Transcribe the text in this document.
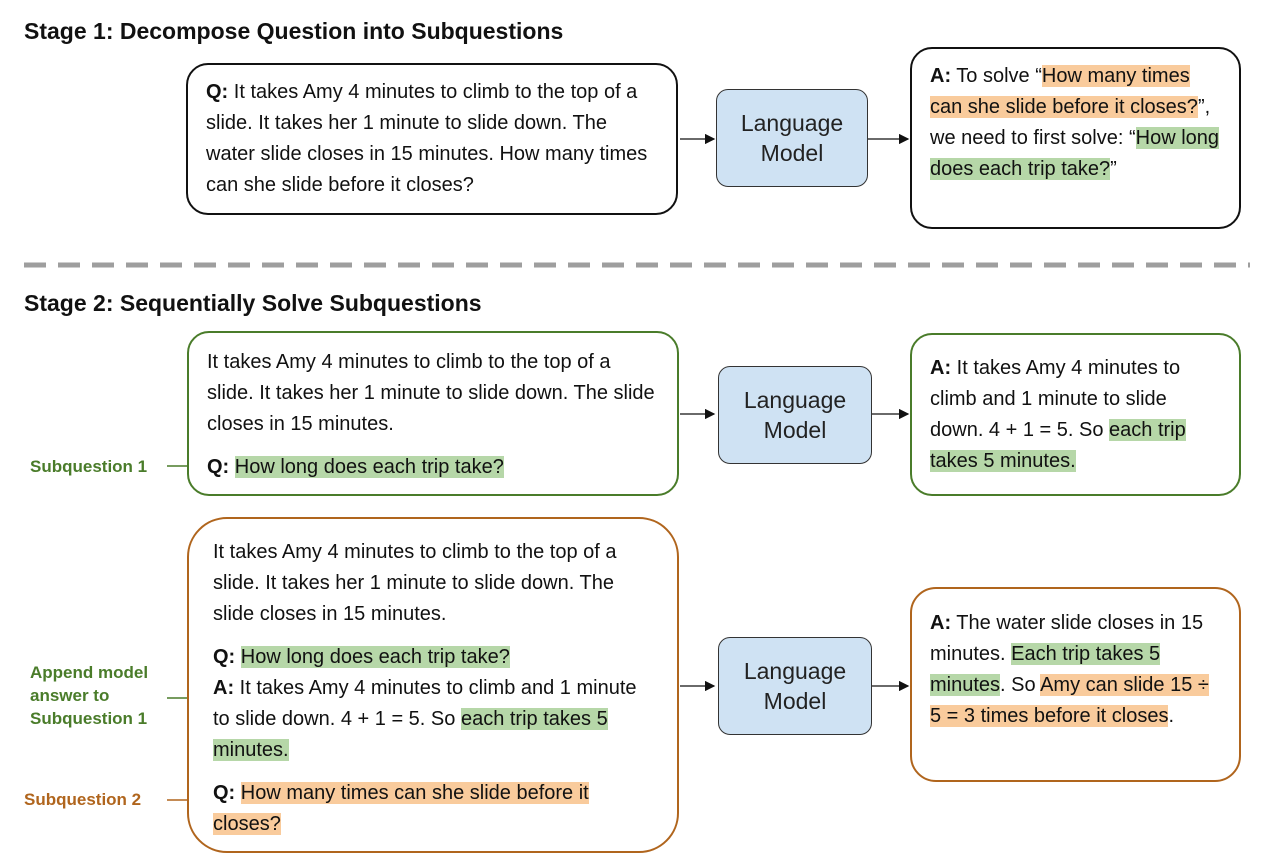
Stage 1: Decompose Question into Subquestions

Q: It takes Amy 4 minutes to climb to the top of a slide. It takes her 1 minute to slide down. The water slide closes in 15 minutes. How many times can she slide before it closes?

Language
Model

A: To solve “How many times can she slide before it closes?”, we need to first solve: “How long does each trip take?”

Stage 2: Sequentially Solve Subquestions
Subquestion 1

It takes Amy 4 minutes to climb to the top of a slide. It takes her 1 minute to slide down. The slide closes in 15 minutes.

Q: How long does each trip take?

Language
Model

A: It takes Amy 4 minutes to climb and 1 minute to slide down. 4 + 1 = 5. So each trip takes 5 minutes.

Append model
answer to
Subquestion 1
Subquestion 2

It takes Amy 4 minutes to climb to the top of a slide. It takes her 1 minute to slide down. The slide closes in 15 minutes.

Q: How long does each trip take?

A: It takes Amy 4 minutes to climb and 1 minute to slide down. 4 + 1 = 5. So each trip takes 5 minutes.

Q: How many times can she slide before it closes?

Language
Model

A: The water slide closes in 15 minutes. Each trip takes 5 minutes. So Amy can slide 15 ÷ 5 = 3 times before it closes.
